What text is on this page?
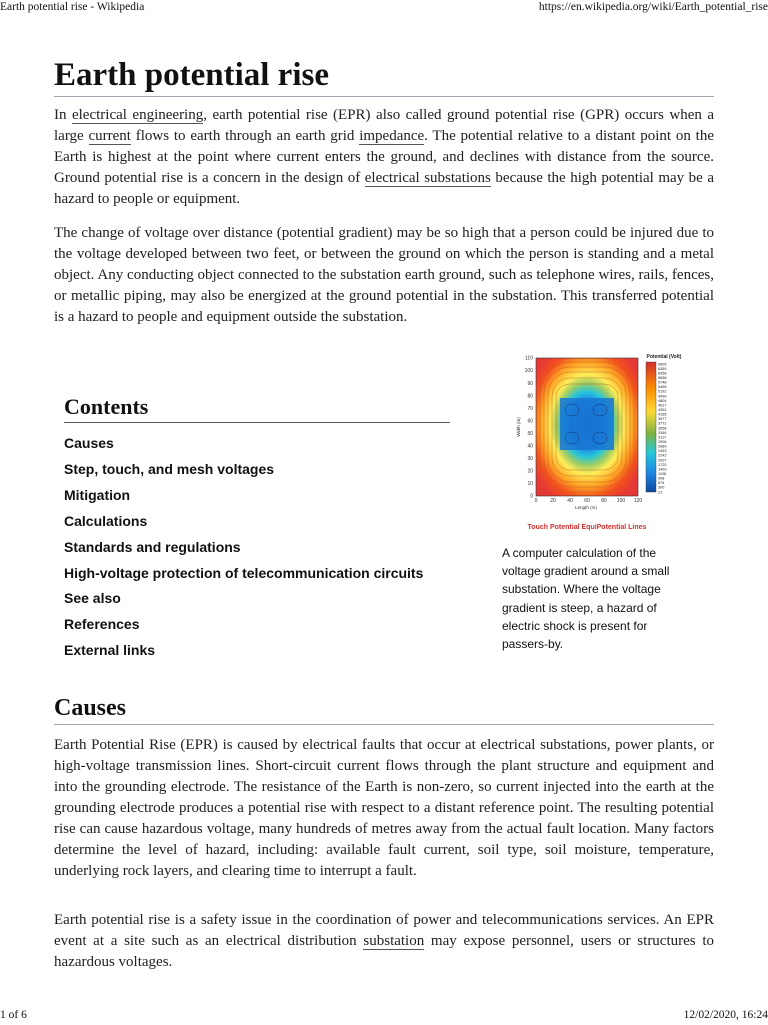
Earth potential rise - Wikipedia	https://en.wikipedia.org/wiki/Earth_potential_rise
Earth potential rise

In electrical engineering, earth potential rise (EPR) also called ground potential rise (GPR) occurs when a large current flows to earth through an earth grid impedance. The potential relative to a distant point on the Earth is highest at the point where current enters the ground, and declines with distance from the source. Ground potential rise is a concern in the design of electrical substations because the high potential may be a hazard to people or equipment.

The change of voltage over distance (potential gradient) may be so high that a person could be injured due to the voltage developed between two feet, or between the ground on which the person is standing and a metal object. Any conducting object connected to the substation earth ground, such as telephone wires, rails, fences, or metallic piping, may also be energized at the ground potential in the substation. This transferred potential is a hazard to people and equipment outside the substation.

Contents
Causes
Step, touch, and mesh voltages
Mitigation
Calculations
Standards and regulations
High-voltage protection of telecommunication circuits
See also
References
External links
0
10
20
30
40
50
60
70
80
90
100
110
0	20 40 60 80 100 120
Width (m)
Length (m)
Potential (Volt)
6605
6359
6058
5836
5748
5458
5192
4990
4804
4617
4391
4165
3977
3771
3558
3346
3117
2906
2689
2453
2242
2027
1720
1403
1108
908
574
300
21
Touch Potential EquiPotential Lines
A computer calculation of the voltage gradient around a small substation. Where the voltage gradient is steep, a hazard of electric shock is present for passers-by.
Causes

Earth Potential Rise (EPR) is caused by electrical faults that occur at electrical substations, power plants, or high-voltage transmission lines. Short-circuit current flows through the plant structure and equipment and into the grounding electrode. The resistance of the Earth is non-zero, so current injected into the earth at the grounding electrode produces a potential rise with respect to a distant reference point. The resulting potential rise can cause hazardous voltage, many hundreds of metres away from the actual fault location. Many factors determine the level of hazard, including: available fault current, soil type, soil moisture, temperature, underlying rock layers, and clearing time to interrupt a fault.

Earth potential rise is a safety issue in the coordination of power and telecommunications services. An EPR event at a site such as an electrical distribution substation may expose personnel, users or structures to hazardous voltages.

1 of 6	12/02/2020, 16:24
